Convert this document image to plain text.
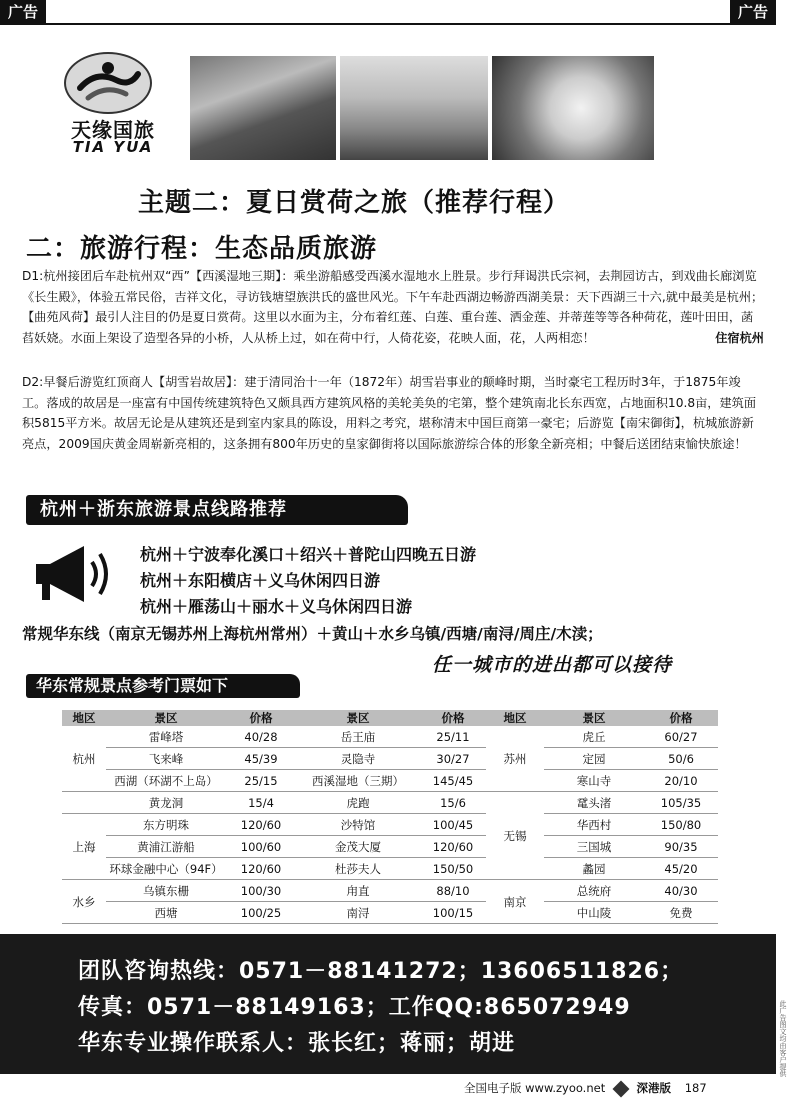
广告	广告
此广告图文均由客户提供
天缘国旅
TIA YUA
主题二：夏日赏荷之旅（推荐行程）
二：旅游行程：生态品质旅游

D1:杭州接团后车赴杭州双“西”【西溪湿地三期】：乘坐游船感受西溪水湿地水上胜景。步行拜谒洪氏宗祠，去荆园访古，到戏曲长廊浏览《长生殿》，体验五常民俗，吉祥文化，寻访钱塘望族洪氏的盛世风光。下午车赴西湖边畅游西湖美景：天下西湖三十六,就中最美是杭州；【曲苑风荷】最引人注目的仍是夏日赏荷。这里以水面为主，分布着红莲、白莲、重台莲、洒金莲、并蒂莲等等各种荷花，莲叶田田，菡萏妖娆。水面上架设了造型各异的小桥，人从桥上过，如在荷中行，人倚花姿，花映人面，花，人两相恋！	住宿杭州

D2:早餐后游览红顶商人【胡雪岩故居】：建于清同治十一年（1872年）胡雪岩事业的颠峰时期，当时豪宅工程历时3年，于1875年竣工。落成的故居是一座富有中国传统建筑特色又颇具西方建筑风格的美轮美奂的宅第，整个建筑南北长东西宽，占地面积10.8亩，建筑面积5815平方米。故居无论是从建筑还是到室内家具的陈设，用料之考究，堪称清末中国巨商第一豪宅；后游览【南宋御街】，杭城旅游新亮点，2009国庆黄金周崭新亮相的，这条拥有800年历史的皇家御街将以国际旅游综合体的形象全新亮相；中餐后送团结束愉快旅途！

杭州＋浙东旅游景点线路推荐
杭州＋宁波奉化溪口＋绍兴＋普陀山四晚五日游
杭州＋东阳横店＋义乌休闲四日游
杭州＋雁荡山＋丽水＋义乌休闲四日游
常规华东线（南京无锡苏州上海杭州常州）＋黄山＋水乡乌镇/西塘/南浔/周庄/木渎；
任一城市的进出都可以接待
华东常规景点参考门票如下
地区	景区	价格	景区	价格	地区	景区	价格
杭州	雷峰塔	40/28	岳王庙	25/11	苏州	虎丘	60/27
	飞来峰	45/39	灵隐寺	30/27		定园	50/6
	西湖（环湖不上岛）	25/15	西溪湿地（三期）	145/45		寒山寺	20/10
	黄龙洞	15/4	虎跑	15/6	无锡	鼋头渚	105/35
上海	东方明珠	120/60	沙特馆	100/45		华西村	150/80
	黄浦江游船	100/60	金茂大厦	120/60		三国城	90/35
	环球金融中心（94F）	120/60	杜莎夫人	150/50		蠡园	45/20
水乡	乌镇东栅	100/30	甪直	88/10	南京	总统府	40/30
	西塘	100/25	南浔	100/15		中山陵	免费
团队咨询热线：0571－88141272；13606511826；
传真：0571－88149163；工作QQ:865072949
华东专业操作联系人：张长红；蒋丽；胡进
全国电子版 www.zyoo.net	深港版 187
